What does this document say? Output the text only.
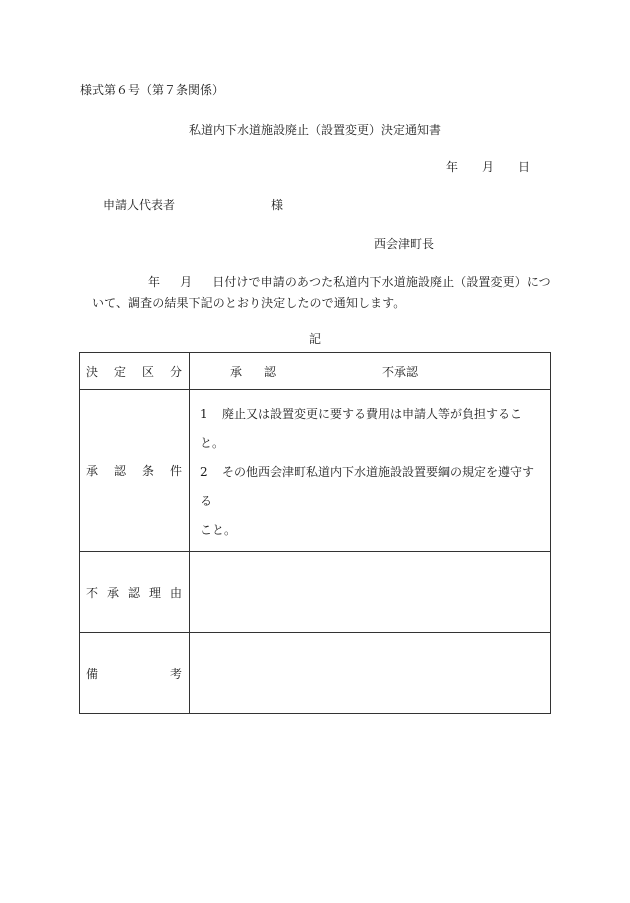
様式第６号（第７条関係）
私道内下水道施設廃止（設置変更）決定通知書
年 月 日
申請人代表者	様
西会津町長
年 月 日付けで申請のあつた私道内下水道施設廃止（設置変更）について、調査の結果下記のとおり決定したので通知します。
記
決 定 区 分	承 認 不承認

承 認 条 件	1 廃止又は設置変更に要する費用は申請人等が負担すること。
2 その他西会津町私道内下水道施設設置要綱の規定を遵守する
こと。

不 承 認 理 由	

備 考	
